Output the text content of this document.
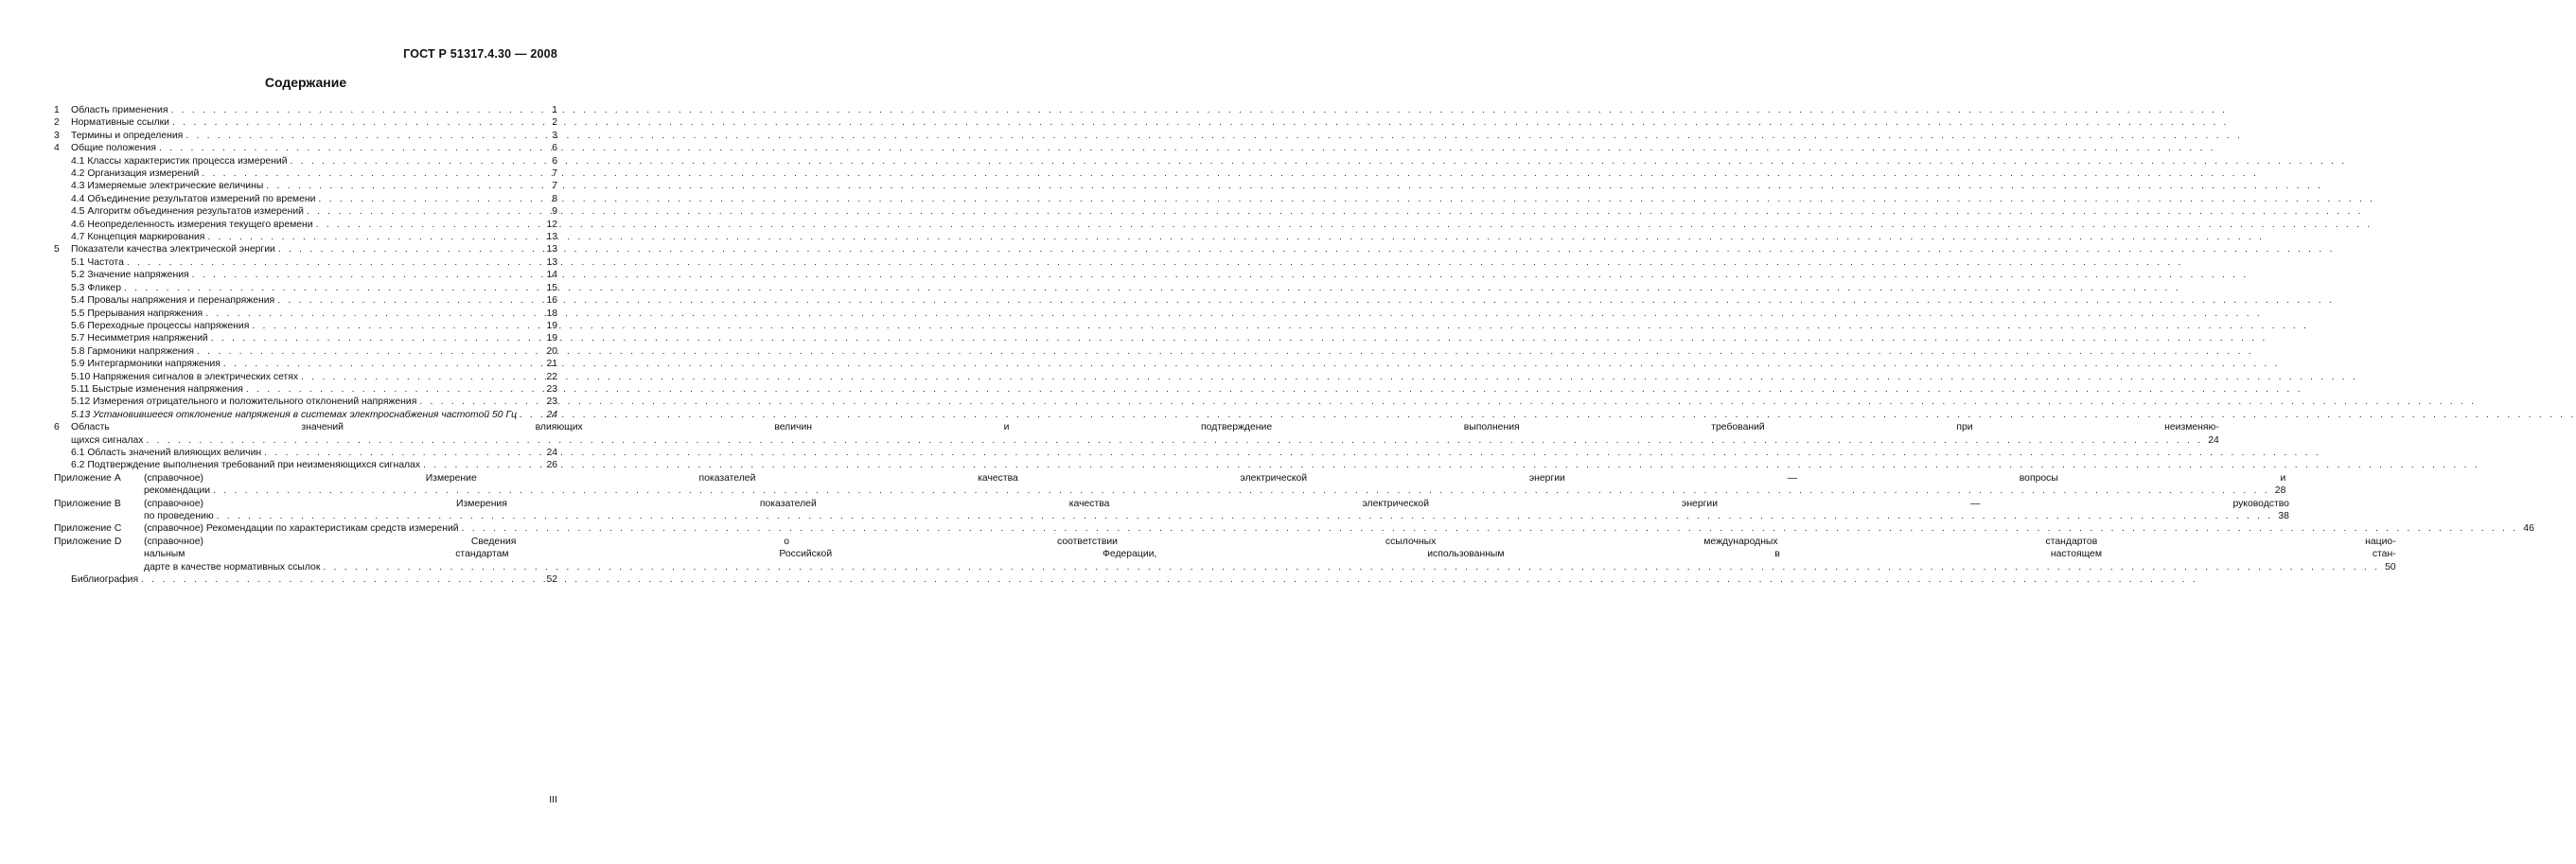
ГОСТ Р 51317.4.30 — 2008
Содержание
1	Область применения . . .	1
2	Нормативные ссылки . . .	2
3	Термины и определения . . .	3
4	Общие положения . . .	6
4.1 Классы характеристик процесса измерений . . .	6
4.2 Организация измерений . . .	7
4.3 Измеряемые электрические величины . . .	7
4.4 Объединение результатов измерений по времени . . .	8
4.5 Алгоритм объединения результатов измерений . . .	9
4.6 Неопределенность измерения текущего времени . . .	12
4.7 Концепция маркирования . . .	13
5	Показатели качества электрической энергии . . .	13
5.1 Частота . . .	13
5.2 Значение напряжения . . .	14
5.3 Фликер . . .	15
5.4 Провалы напряжения и перенапряжения . . .	16
5.5 Прерывания напряжения . . .	18
5.6 Переходные процессы напряжения . . .	19
5.7 Несимметрия напряжений . . .	19
5.8 Гармоники напряжения . . .	20
5.9 Интергармоники напряжения . . .	21
5.10 Напряжения сигналов в электрических сетях . . .	22
5.11 Быстрые изменения напряжения . . .	23
5.12 Измерения отрицательного и положительного отклонений напряжения . . .	23
5.13 Установившееся отклонение напряжения в системах электроснабжения частотой 50 Гц . . .	24
6	Область значений влияющих величин и подтверждение выполнения требований при неизменяю-
щихся сигналах . . .	24
6.1 Область значений влияющих величин . . .	24
6.2 Подтверждение выполнения требований при неизменяющихся сигналах . . .	26
Приложение А	(справочное) Измерение показателей качества электрической энергии — вопросы и
рекомендации . . .	28
Приложение В	(справочное) Измерения показателей качества электрической энергии — руководство
по проведению . . .	38
Приложение С	(справочное) Рекомендации по характеристикам средств измерений . . .	46
Приложение D	(справочное) Сведения о соответствии ссылочных международных стандартов нацио-
нальным стандартам Российской Федерации, использованным в настоящем стан-
дарте в качестве нормативных ссылок . . .	50
Библиография . . .	52
III
